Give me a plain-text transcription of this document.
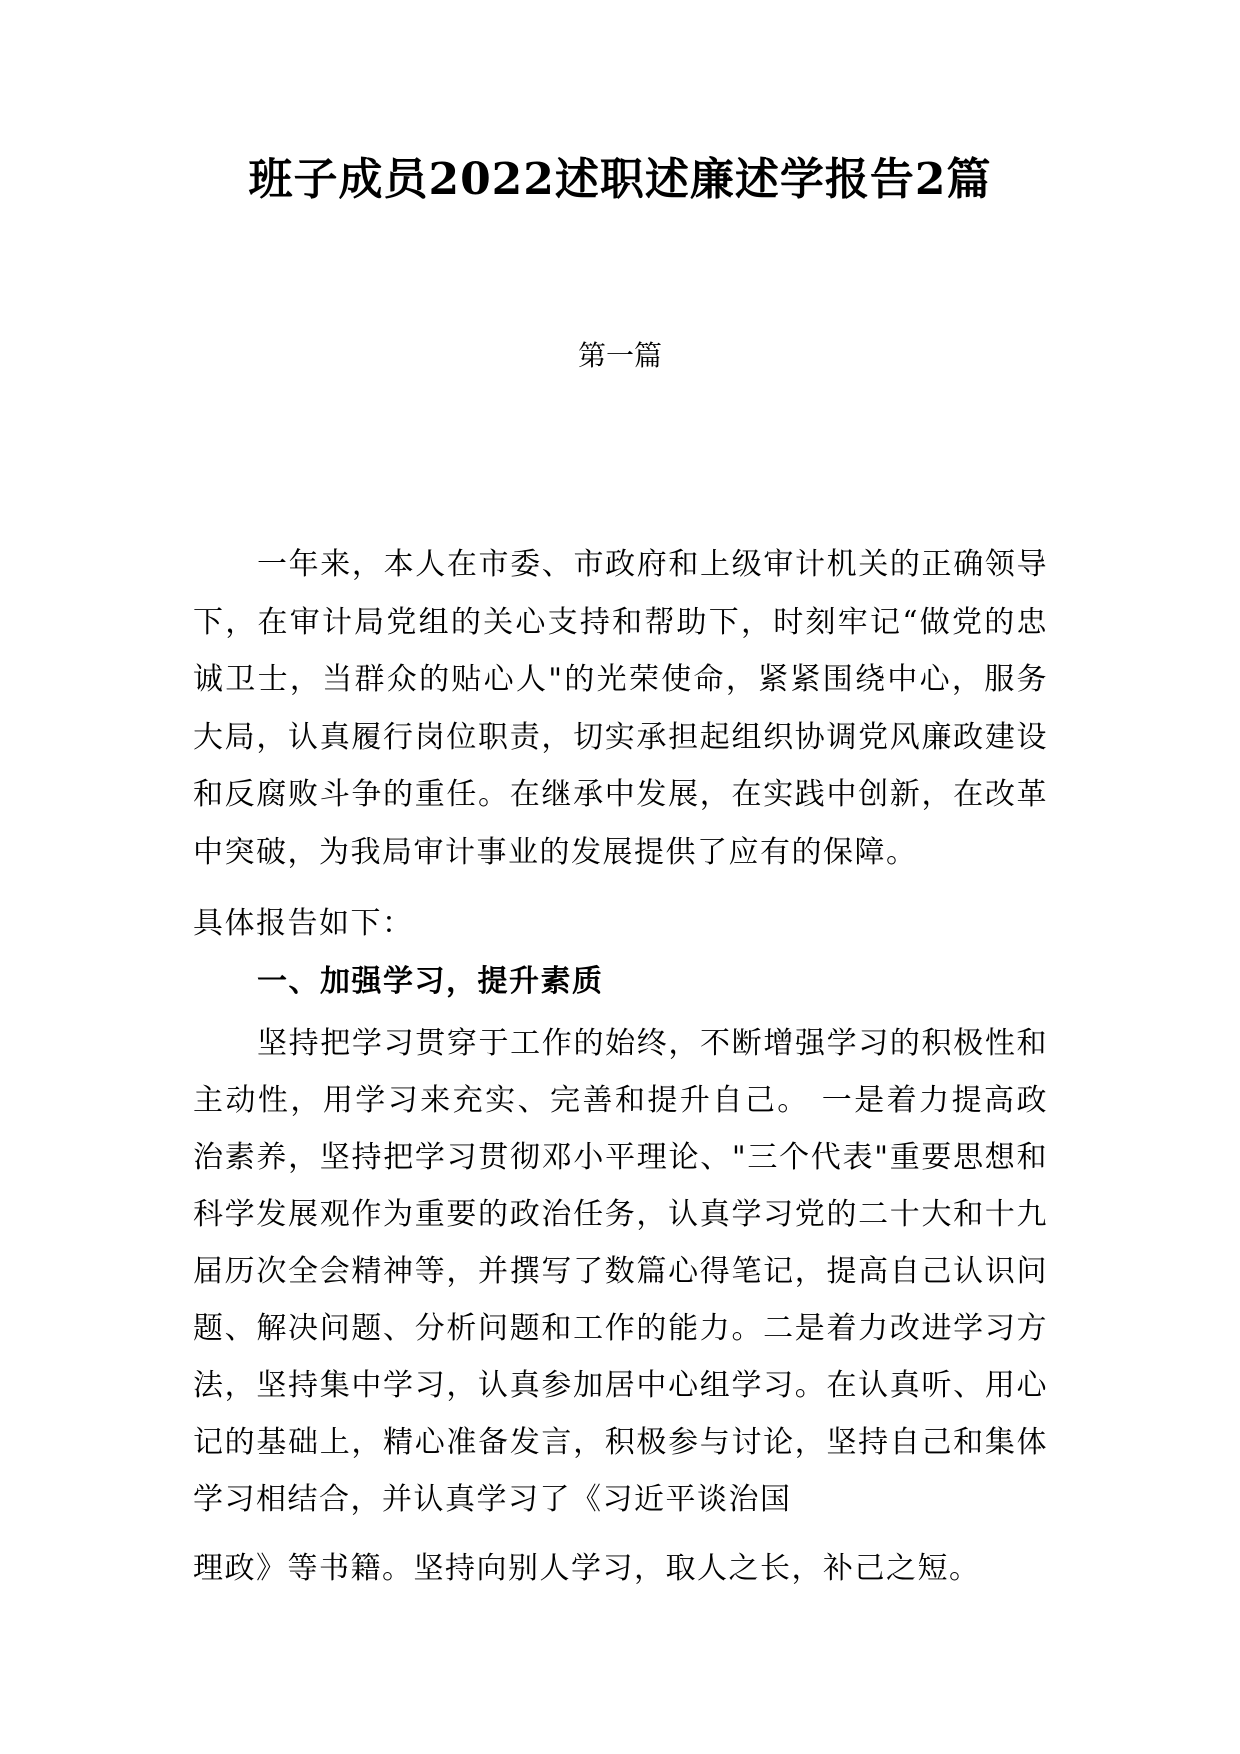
班子成员2022述职述廉述学报告2篇

第一篇

一年来，本人在市委、市政府和上级审计机关的正确领导下，在审计局党组的关心支持和帮助下，时刻牢记“做党的忠诚卫士，当群众的贴心人"的光荣使命，紧紧围绕中心，服务大局，认真履行岗位职责，切实承担起组织协调党风廉政建设和反腐败斗争的重任。在继承中发展，在实践中创新，在改革中突破，为我局审计事业的发展提供了应有的保障。

具体报告如下：

一、加强学习，提升素质

坚持把学习贯穿于工作的始终，不断增强学习的积极性和主动性，用学习来充实、完善和提升自己。 一是着力提高政治素养，坚持把学习贯彻邓小平理论、"三个代表"重要思想和科学发展观作为重要的政治任务，认真学习党的二十大和十九届历次全会精神等，并撰写了数篇心得笔记，提高自己认识问题、解决问题、分析问题和工作的能力。二是着力改进学习方法，坚持集中学习，认真参加居中心组学习。在认真听、用心记的基础上，精心准备发言，积极参与讨论，坚持自己和集体学习相结合，并认真学习了《习近平谈治国
理政》等书籍。坚持向别人学习，取人之长，补己之短。
